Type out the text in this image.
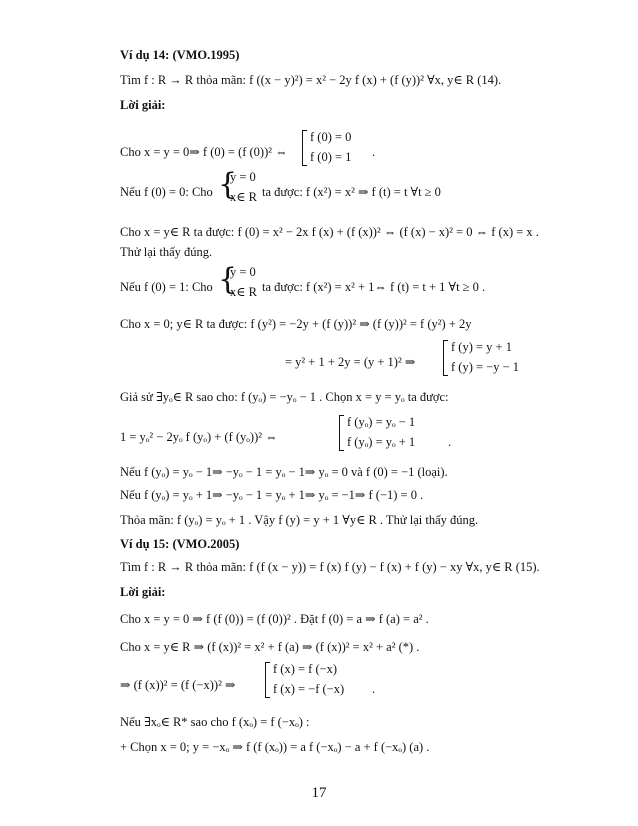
Ví dụ 14: (VMO.1995)
Tìm f : R → R thỏa mãn: f ((x − y)²) = x² − 2y f (x) + (f (y))² ∀x, y∈ R (14).
Lời giải:
Cho x = y = 0⇒ f (0) = (f (0))² ⇔
f (0) = 0
f (0) = 1 .
Nếu f (0) = 0: Cho {
y = 0
x∈ R ta được: f (x²) = x² ⇒ f (t) = t ∀t ≥ 0
Cho x = y∈ R ta được: f (0) = x² − 2x f (x) + (f (x))² ⇔ (f (x) − x)² = 0 ⇔ f (x) = x .
Thử lại thấy đúng.
Nếu f (0) = 1: Cho {
y = 0
x∈ R ta được: f (x²) = x² + 1⇔ f (t) = t + 1 ∀t ≥ 0 .
Cho x = 0; y∈ R ta được: f (y²) = −2y + (f (y))² ⇒ (f (y))² = f (y²) + 2y
= y² + 1 + 2y = (y + 1)² ⇒
f (y) = y + 1
f (y) = −y − 1
Giả sử ∃yₒ∈ R sao cho: f (yₒ) = −yₒ − 1 . Chọn x = y = yₒ ta được:
1 = yₒ² − 2yₒ f (yₒ) + (f (yₒ))² ⇔
f (yₒ) = yₒ − 1
f (yₒ) = yₒ + 1	.
Nếu f (yₒ) = yₒ − 1⇒ −yₒ − 1 = yₒ − 1⇒ yₒ = 0 và f (0) = −1 (loại).
Nếu f (yₒ) = yₒ + 1⇒ −yₒ − 1 = yₒ + 1⇒ yₒ = −1⇒ f (−1) = 0 .
Thỏa mãn: f (yₒ) = yₒ + 1 . Vậy f (y) = y + 1 ∀y∈ R . Thử lại thấy đúng.
Ví dụ 15: (VMO.2005)
Tìm f : R → R thỏa mãn: f (f (x − y)) = f (x) f (y) − f (x) + f (y) − xy ∀x, y∈ R (15).
Lời giải:
Cho x = y = 0 ⇒ f (f (0)) = (f (0))² . Đặt f (0) = a ⇒ f (a) = a² .
Cho x = y∈ R ⇒ (f (x))² = x² + f (a) ⇒ (f (x))² = x² + a² (*) .
⇒ (f (x))² = (f (−x))² ⇒
f (x) = f (−x)
f (x) = −f (−x) .
Nếu ∃xₒ∈ R* sao cho f (xₒ) = f (−xₒ) :
+ Chọn x = 0; y = −xₒ ⇒ f (f (xₒ)) = a f (−xₒ) − a + f (−xₒ) (a) .
17
